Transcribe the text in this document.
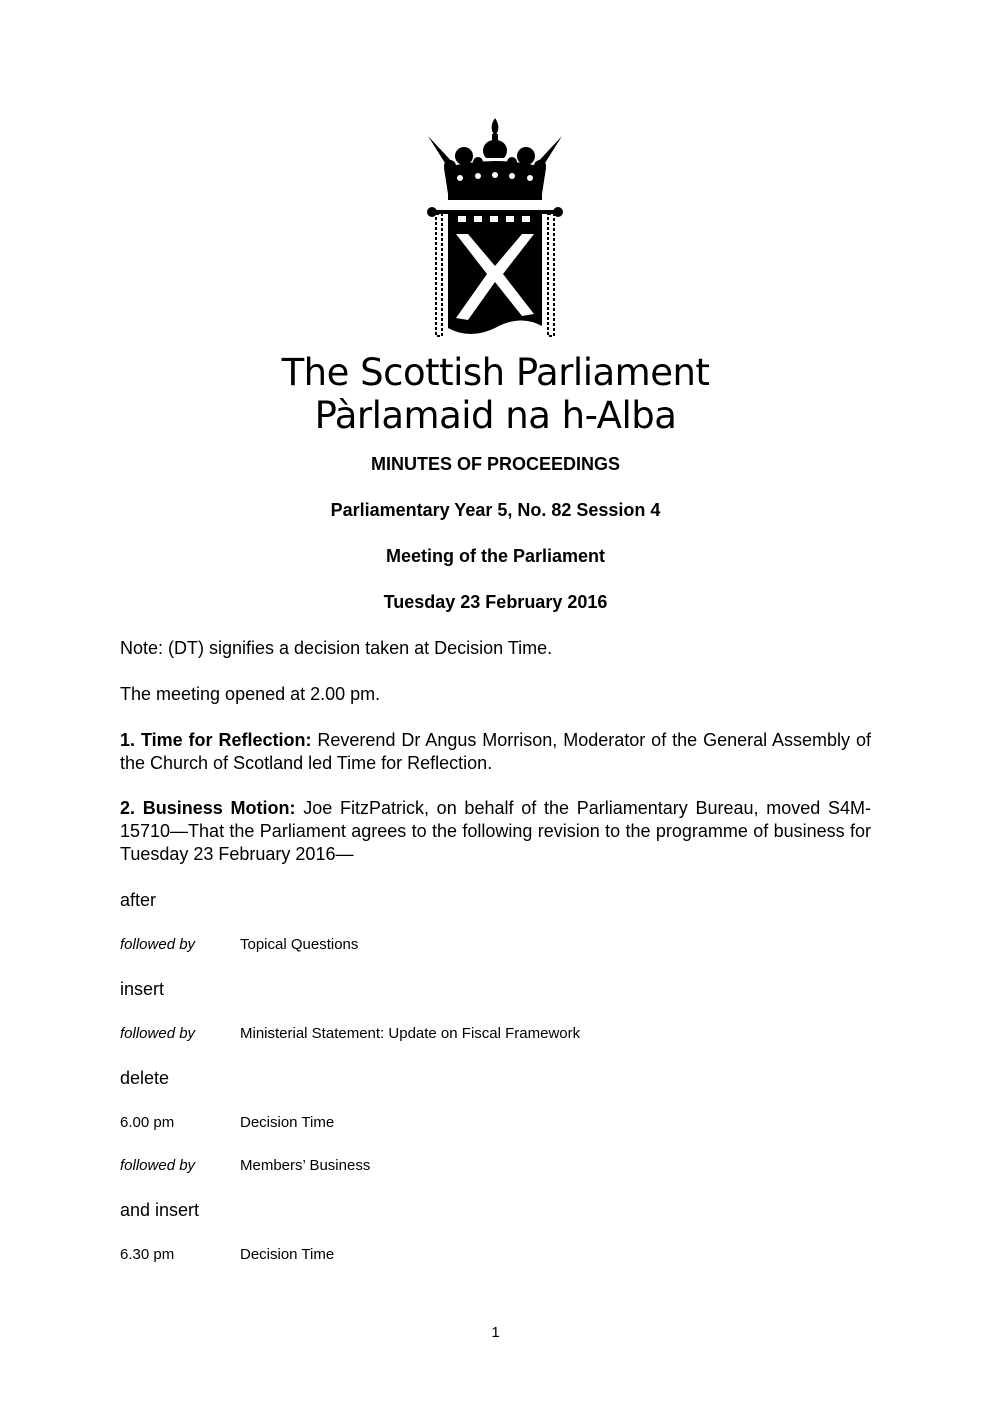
The Scottish Parliament
Pàrlamaid na h-Alba
MINUTES OF PROCEEDINGS
Parliamentary Year 5, No. 82 Session 4
Meeting of the Parliament
Tuesday 23 February 2016
Note: (DT) signifies a decision taken at Decision Time.
The meeting opened at 2.00 pm.
1. Time for Reflection: Reverend Dr Angus Morrison, Moderator of the General Assembly of the Church of Scotland led Time for Reflection.
2. Business Motion: Joe FitzPatrick, on behalf of the Parliamentary Bureau, moved S4M-15710—That the Parliament agrees to the following revision to the programme of business for Tuesday 23 February 2016—
after
followed by	Topical Questions
insert
followed by	Ministerial Statement: Update on Fiscal Framework
delete
6.00 pm	Decision Time
followed by	Members’ Business
and insert
6.30 pm	Decision Time
1
